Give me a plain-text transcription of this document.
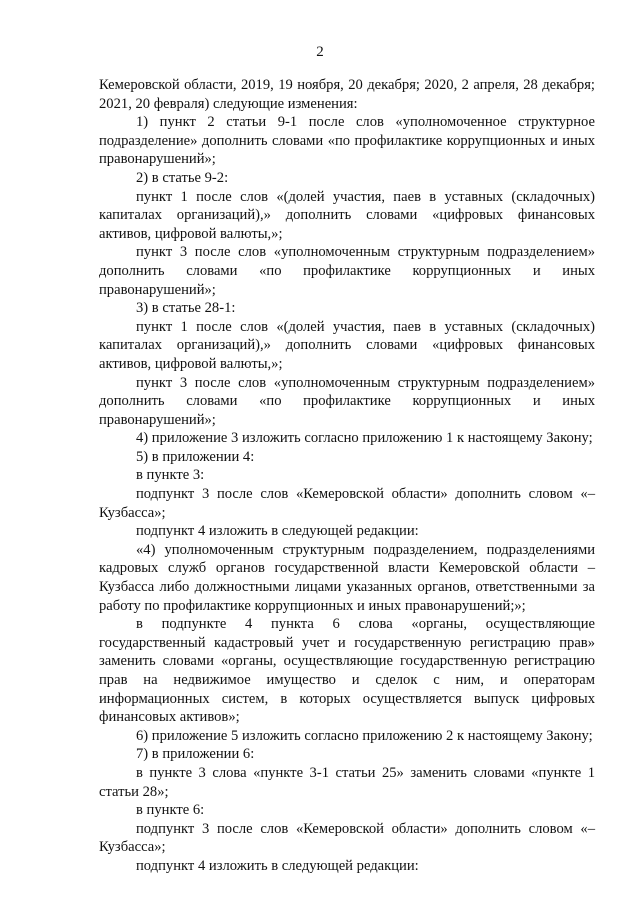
2

Кемеровской области, 2019, 19 ноября, 20 декабря; 2020, 2 апреля, 28 декабря; 2021, 20 февраля) следующие изменения:

1) пункт 2 статьи 9-1 после слов «уполномоченное структурное подразделение» дополнить словами «по профилактике коррупционных и иных правонарушений»;

2) в статье 9-2:

пункт 1 после слов «(долей участия, паев в уставных (складочных) капиталах организаций),» дополнить словами «цифровых финансовых активов, цифровой валюты,»;

пункт 3 после слов «уполномоченным структурным подразделением» дополнить словами «по профилактике коррупционных и иных правонарушений»;

3) в статье 28-1:

пункт 1 после слов «(долей участия, паев в уставных (складочных) капиталах организаций),» дополнить словами «цифровых финансовых активов, цифровой валюты,»;

пункт 3 после слов «уполномоченным структурным подразделением» дополнить словами «по профилактике коррупционных и иных правонарушений»;

4) приложение 3 изложить согласно приложению 1 к настоящему Закону;

5) в приложении 4:

в пункте 3:

подпункт 3 после слов «Кемеровской области» дополнить словом «– Кузбасса»;

подпункт 4 изложить в следующей редакции:

«4) уполномоченным структурным подразделением, подразделениями кадровых служб органов государственной власти Кемеровской области – Кузбасса либо должностными лицами указанных органов, ответственными за работу по профилактике коррупционных и иных правонарушений;»;

в подпункте 4 пункта 6 слова «органы, осуществляющие государственный кадастровый учет и государственную регистрацию прав» заменить словами «органы, осуществляющие государственную регистрацию прав на недвижимое имущество и сделок с ним, и операторам информационных систем, в которых осуществляется выпуск цифровых финансовых активов»;

6) приложение 5 изложить согласно приложению 2 к настоящему Закону;

7) в приложении 6:

в пункте 3 слова «пункте 3-1 статьи 25» заменить словами «пункте 1 статьи 28»;

в пункте 6:

подпункт 3 после слов «Кемеровской области» дополнить словом «– Кузбасса»;

подпункт 4 изложить в следующей редакции:
